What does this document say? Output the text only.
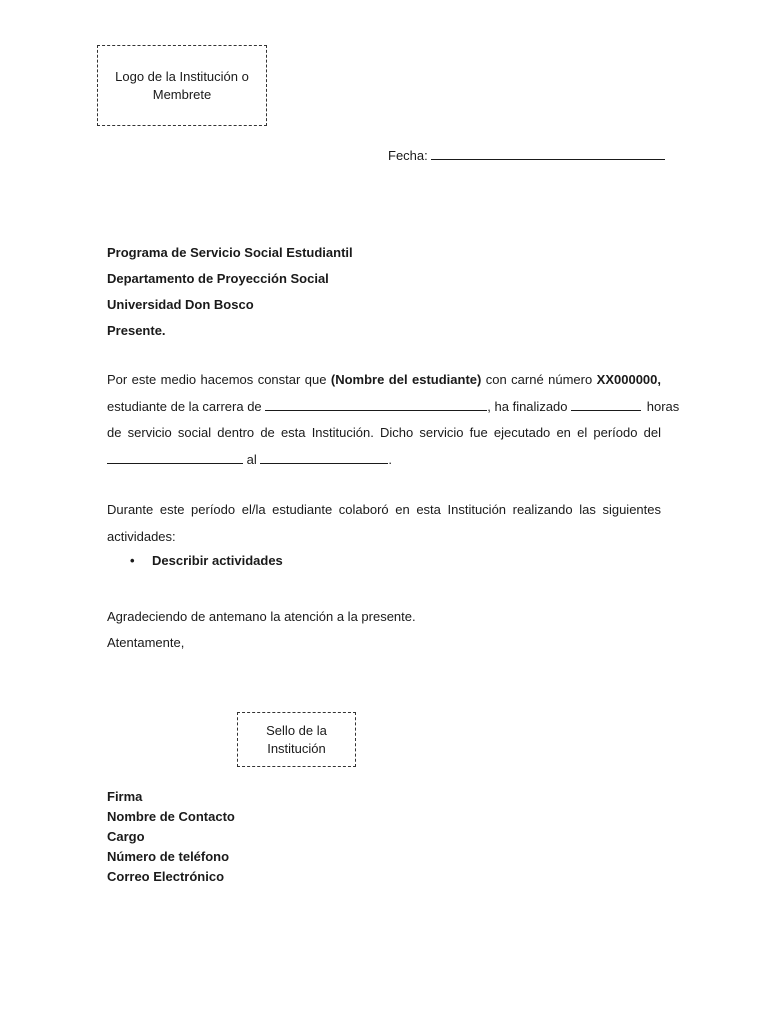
Logo de la Institución o Membrete
Fecha:
Programa de Servicio Social Estudiantil
Departamento de Proyección Social
Universidad Don Bosco
Presente.
Por este medio hacemos constar que (Nombre del estudiante) con carné número XX000000,
estudiante de la carrera de	, ha finalizado	horas
de servicio social dentro de esta Institución. Dicho servicio fue ejecutado en el período del
al	.
Durante este período el/la estudiante colaboró en esta Institución realizando las siguientes
actividades:
• Describir actividades
Agradeciendo de antemano la atención a la presente.
Atentamente,
Sello de la Institución
Firma
Nombre de Contacto
Cargo
Número de teléfono
Correo Electrónico
